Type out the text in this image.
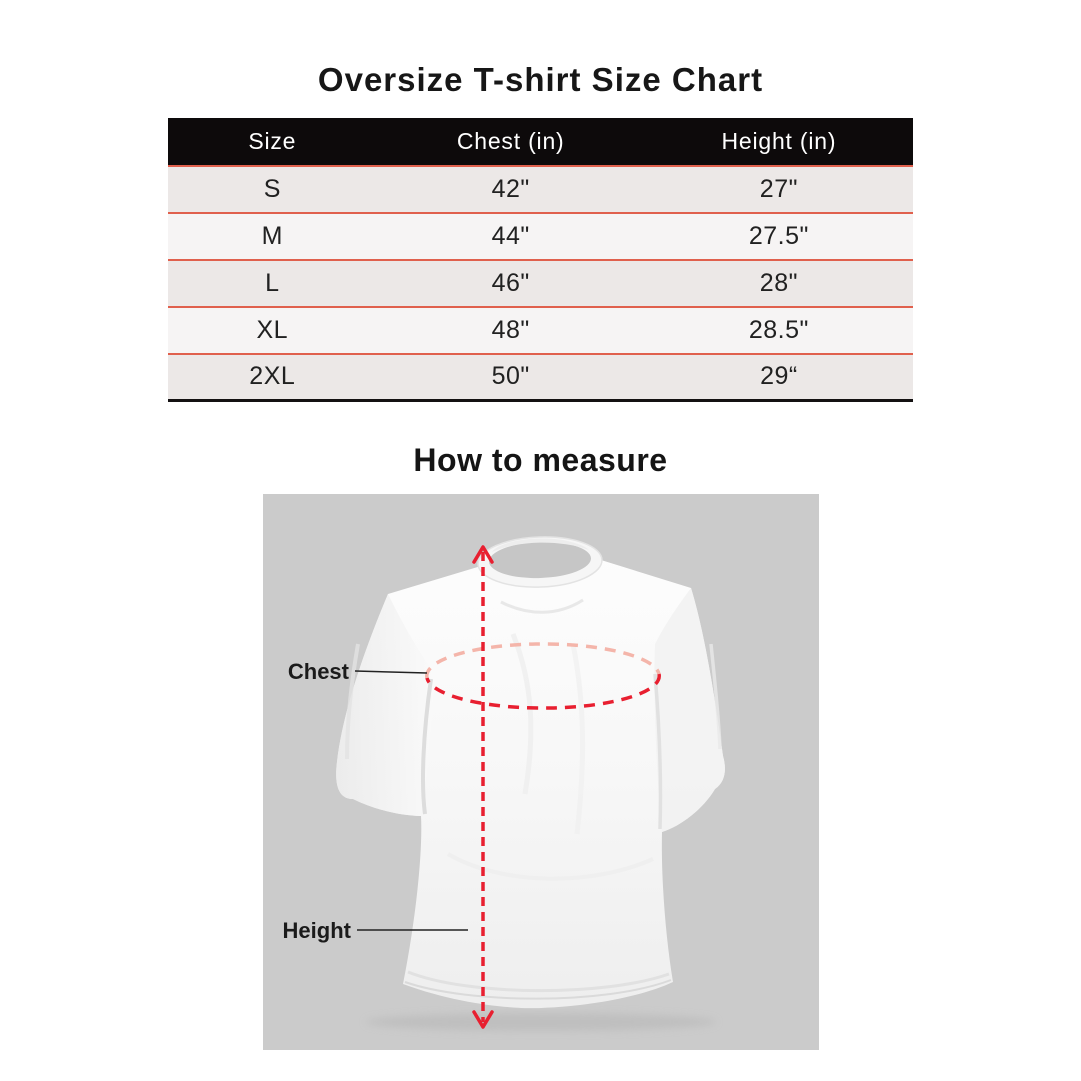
Oversize T-shirt Size Chart
Size	Chest (in)	Height (in)
S	42"	27"
M	44"	27.5"
L	46"	28"
XL	48"	28.5"
2XL	50"	29“
How to measure
Chest
Height
